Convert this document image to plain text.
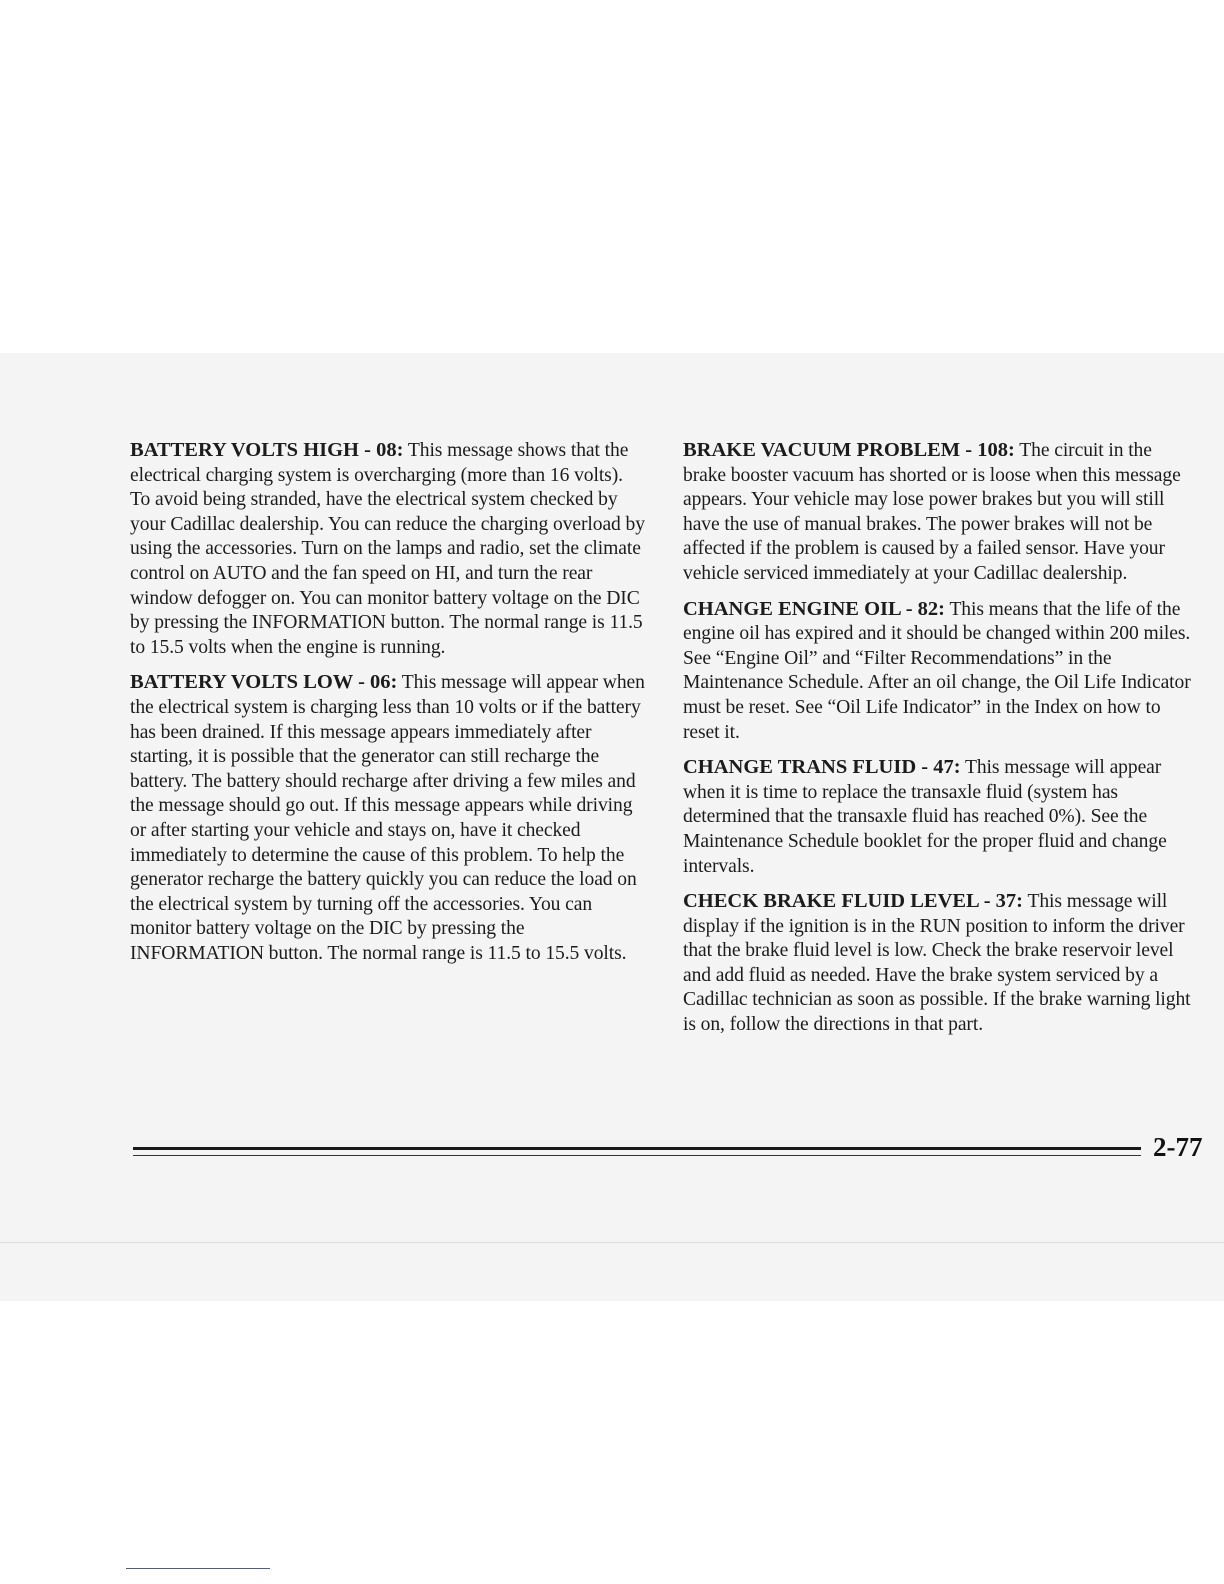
BATTERY VOLTS HIGH - 08: This message shows that the electrical charging system is overcharging (more than 16 volts). To avoid being stranded, have the electrical system checked by your Cadillac dealership. You can reduce the charging overload by using the accessories. Turn on the lamps and radio, set the climate control on AUTO and the fan speed on HI, and turn the rear window defogger on. You can monitor battery voltage on the DIC by pressing the INFORMATION button. The normal range is 11.5 to 15.5 volts when the engine is running.

BATTERY VOLTS LOW - 06: This message will appear when the electrical system is charging less than 10 volts or if the battery has been drained. If this message appears immediately after starting, it is possible that the generator can still recharge the battery. The battery should recharge after driving a few miles and the message should go out. If this message appears while driving or after starting your vehicle and stays on, have it checked immediately to determine the cause of this problem. To help the generator recharge the battery quickly you can reduce the load on the electrical system by turning off the accessories. You can monitor battery voltage on the DIC by pressing the INFORMATION button. The normal range is 11.5 to 15.5 volts.

BRAKE VACUUM PROBLEM - 108: The circuit in the brake booster vacuum has shorted or is loose when this message appears. Your vehicle may lose power brakes but you will still have the use of manual brakes. The power brakes will not be affected if the problem is caused by a failed sensor. Have your vehicle serviced immediately at your Cadillac dealership.

CHANGE ENGINE OIL - 82: This means that the life of the engine oil has expired and it should be changed within 200 miles. See “Engine Oil” and “Filter Recommendations” in the Maintenance Schedule. After an oil change, the Oil Life Indicator must be reset. See “Oil Life Indicator” in the Index on how to reset it.

CHANGE TRANS FLUID - 47: This message will appear when it is time to replace the transaxle fluid (system has determined that the transaxle fluid has reached 0%). See the Maintenance Schedule booklet for the proper fluid and change intervals.

CHECK BRAKE FLUID LEVEL - 37: This message will display if the ignition is in the RUN position to inform the driver that the brake fluid level is low. Check the brake reservoir level and add fluid as needed. Have the brake system serviced by a Cadillac technician as soon as possible. If the brake warning light is on, follow the directions in that part.

2-77
